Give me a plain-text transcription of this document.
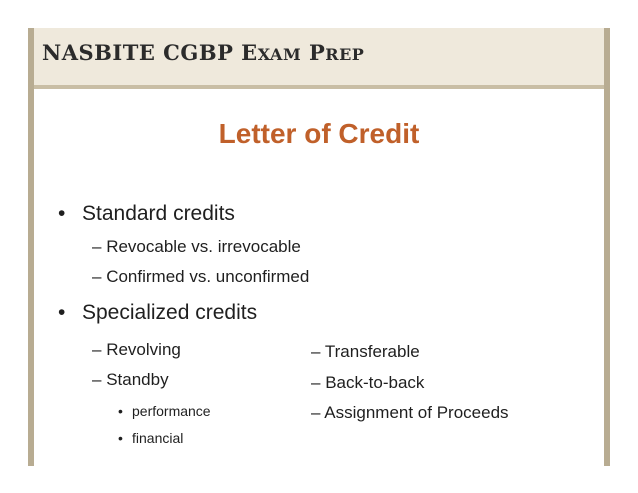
NASBITE CGBP EXAM PREP
Letter of Credit
• Standard credits
– Revocable vs. irrevocable
– Confirmed vs. unconfirmed
• Specialized credits
– Revolving
– Standby
• performance
• financial
– Transferable
– Back-to-back
– Assignment of Proceeds
